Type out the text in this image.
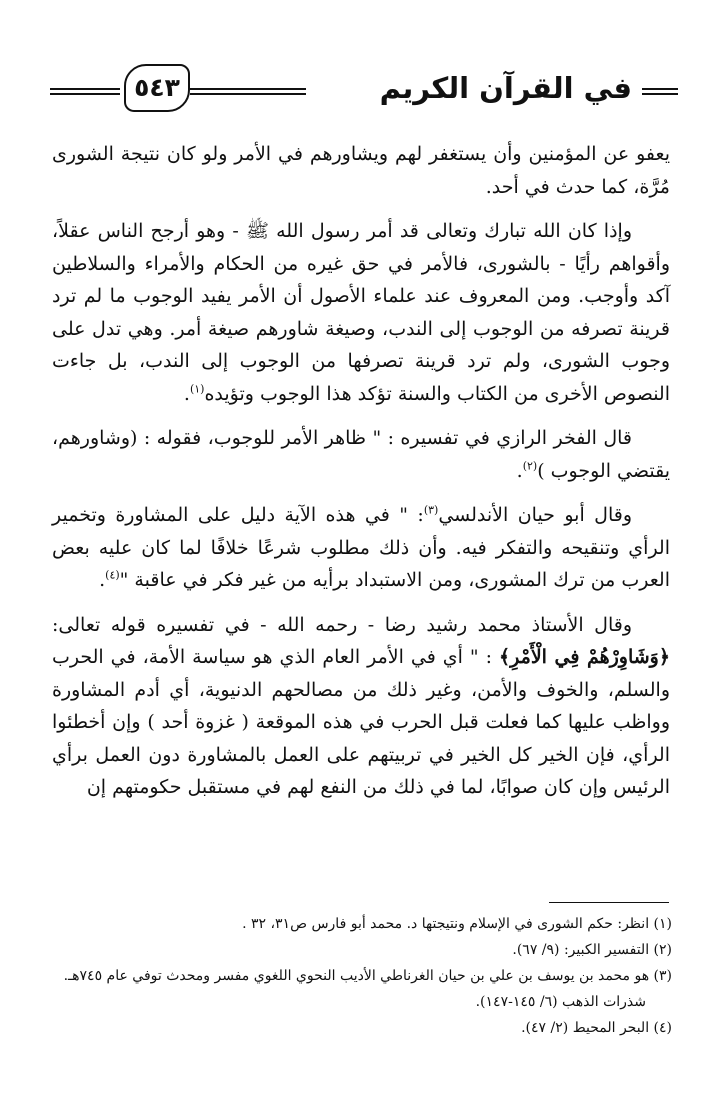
في القرآن الكريم
٥٤٣

يعفو عن المؤمنين وأن يستغفر لهم ويشاورهم في الأمر ولو كان نتيجة الشورى مُرَّة، كما حدث في أحد.

وإذا كان الله تبارك وتعالى قد أمر رسول الله ﷺ - وهو أرجح الناس عقلاً، وأقواهم رأيًا - بالشورى، فالأمر في حق غيره من الحكام والأمراء والسلاطين آكد وأوجب. ومن المعروف عند علماء الأصول أن الأمر يفيد الوجوب ما لم ترد قرينة تصرفه من الوجوب إلى الندب، وصيغة شاورهم صيغة أمر. وهي تدل على وجوب الشورى، ولم ترد قرينة تصرفها من الوجوب إلى الندب، بل جاءت النصوص الأخرى من الكتاب والسنة تؤكد هذا الوجوب وتؤيده$^{(١)}$.

قال الفخر الرازي في تفسيره : " ظاهر الأمر للوجوب، فقوله : (وشاورهم، يقتضي الوجوب )$^{(٢)}$.

وقال أبو حيان الأندلسي$^{(٣)}$: " في هذه الآية دليل على المشاورة وتخمير الرأي وتنقيحه والتفكر فيه. وأن ذلك مطلوب شرعًا خلافًا لما كان عليه بعض العرب من ترك المشورى، ومن الاستبداد برأيه من غير فكر في عاقبة "$^{(٤)}$.

وقال الأستاذ محمد رشيد رضا - رحمه الله - في تفسيره قوله تعالى: ﴿وَشَاوِرْهُمْ فِي الْأَمْرِ﴾ : " أي في الأمر العام الذي هو سياسة الأمة، في الحرب والسلم، والخوف والأمن، وغير ذلك من مصالحهم الدنيوية، أي أدم المشاورة وواظب عليها كما فعلت قبل الحرب في هذه الموقعة ( غزوة أحد ) وإن أخطئوا الرأي، فإن الخير كل الخير في تربيتهم على العمل بالمشاورة دون العمل برأي الرئيس وإن كان صوابًا، لما في ذلك من النفع لهم في مستقبل حكومتهم إن

(١) انظر: حكم الشورى في الإسلام ونتيجتها د. محمد أبو فارس ص٣١، ٣٢ .

(٢) التفسير الكبير: (٩/ ٦٧).

(٣) هو محمد بن يوسف بن علي بن حيان الغرناطي الأديب النحوي اللغوي مفسر ومحدث توفي عام ٧٤٥هـ.

شذرات الذهب (٦/ ١٤٥-١٤٧).

(٤) البحر المحيط (٢/ ٤٧).
